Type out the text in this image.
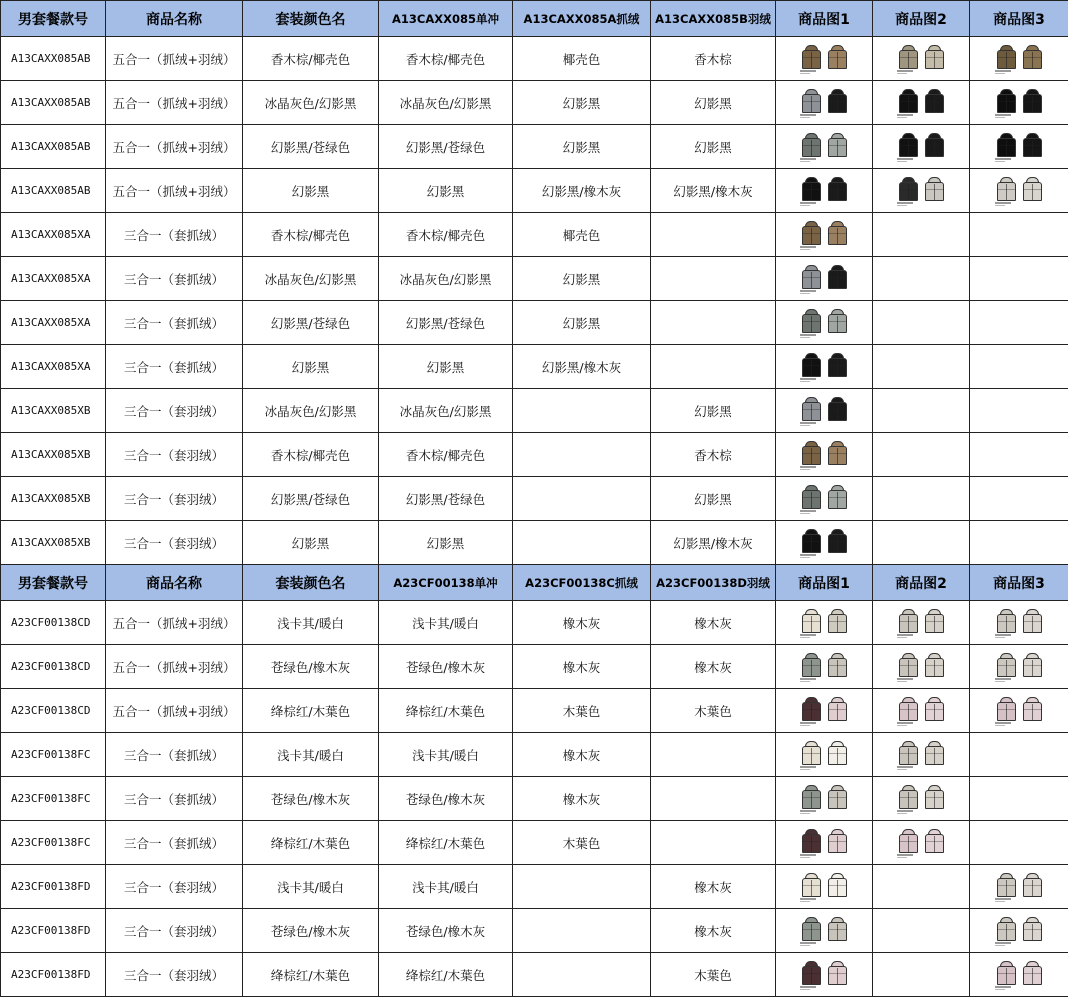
男套餐款号	商品名称	套装颜色名	A13CAXX085单冲	A13CAXX085A抓绒	A13CAXX085B羽绒	商品图1	商品图2	商品图3
A13CAXX085AB	五合一（抓绒+羽绒）	香木棕/椰壳色	香木棕/椰壳色	椰壳色	香木棕	

A13CAXX085AB	五合一（抓绒+羽绒）	冰晶灰色/幻影黑	冰晶灰色/幻影黑	幻影黑	幻影黑	

A13CAXX085AB	五合一（抓绒+羽绒）	幻影黑/苍绿色	幻影黑/苍绿色	幻影黑	幻影黑	

A13CAXX085AB	五合一（抓绒+羽绒）	幻影黑	幻影黑	幻影黑/橡木灰	幻影黑/橡木灰	

A13CAXX085XA	三合一（套抓绒）	香木棕/椰壳色	香木棕/椰壳色	椰壳色		

A13CAXX085XA	三合一（套抓绒）	冰晶灰色/幻影黑	冰晶灰色/幻影黑	幻影黑		

A13CAXX085XA	三合一（套抓绒）	幻影黑/苍绿色	幻影黑/苍绿色	幻影黑		

A13CAXX085XA	三合一（套抓绒）	幻影黑	幻影黑	幻影黑/橡木灰		

A13CAXX085XB	三合一（套羽绒）	冰晶灰色/幻影黑	冰晶灰色/幻影黑		幻影黑	

A13CAXX085XB	三合一（套羽绒）	香木棕/椰壳色	香木棕/椰壳色		香木棕	

A13CAXX085XB	三合一（套羽绒）	幻影黑/苍绿色	幻影黑/苍绿色		幻影黑	

A13CAXX085XB	三合一（套羽绒）	幻影黑	幻影黑		幻影黑/橡木灰	

男套餐款号	商品名称	套装颜色名	A23CF00138单冲	A23CF00138C抓绒	A23CF00138D羽绒	商品图1	商品图2	商品图3
A23CF00138CD	五合一（抓绒+羽绒）	浅卡其/暖白	浅卡其/暖白	橡木灰	橡木灰	

A23CF00138CD	五合一（抓绒+羽绒）	苍绿色/橡木灰	苍绿色/橡木灰	橡木灰	橡木灰	

A23CF00138CD	五合一（抓绒+羽绒）	绛棕红/木葉色	绛棕红/木葉色	木葉色	木葉色	

A23CF00138FC	三合一（套抓绒）	浅卡其/暖白	浅卡其/暖白	橡木灰		

A23CF00138FC	三合一（套抓绒）	苍绿色/橡木灰	苍绿色/橡木灰	橡木灰		

A23CF00138FC	三合一（套抓绒）	绛棕红/木葉色	绛棕红/木葉色	木葉色		

A23CF00138FD	三合一（套羽绒）	浅卡其/暖白	浅卡其/暖白		橡木灰	

A23CF00138FD	三合一（套羽绒）	苍绿色/橡木灰	苍绿色/橡木灰		橡木灰	

A23CF00138FD	三合一（套羽绒）	绛棕红/木葉色	绛棕红/木葉色		木葉色	
